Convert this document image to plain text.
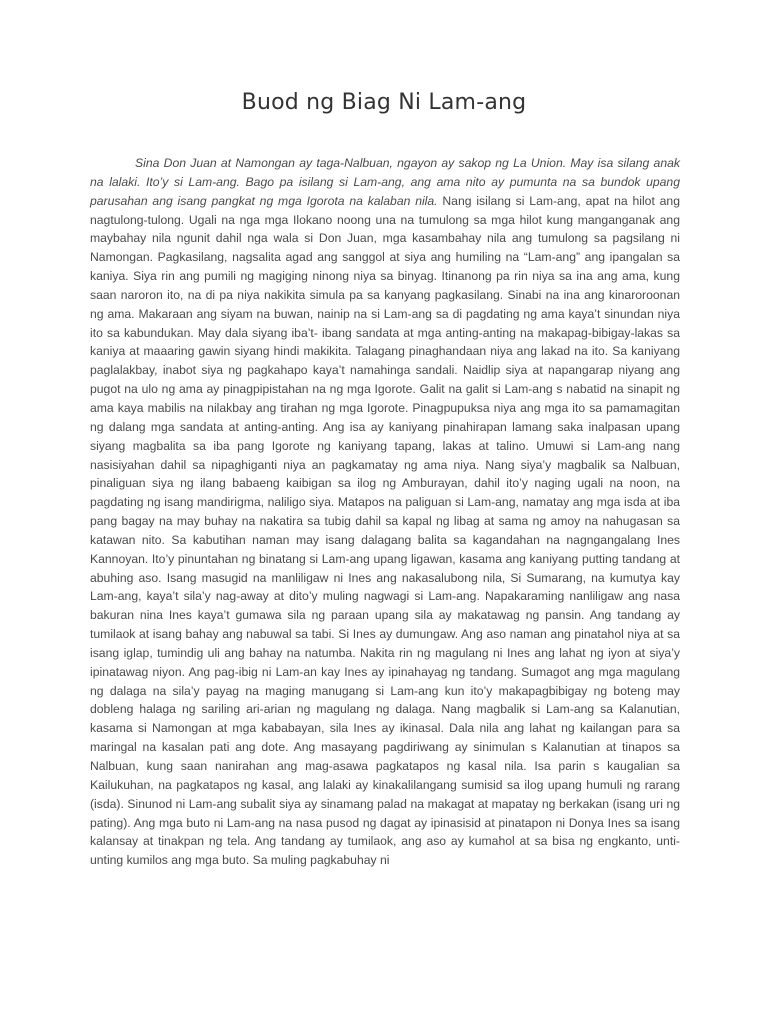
Buod ng Biag Ni Lam-ang

Sina Don Juan at Namongan ay taga-Nalbuan, ngayon ay sakop ng La Union. May isa silang anak na lalaki. Ito’y si Lam-ang. Bago pa isilang si Lam-ang, ang ama nito ay pumunta na sa bundok upang parusahan ang isang pangkat ng mga Igorota na kalaban nila. Nang isilang si Lam-ang, apat na hilot ang nagtulong-tulong. Ugali na nga mga Ilokano noong una na tumulong sa mga hilot kung manganganak ang maybahay nila ngunit dahil nga wala si Don Juan, mga kasambahay nila ang tumulong sa pagsilang ni Namongan. Pagkasilang, nagsalita agad ang sanggol at siya ang humiling na “Lam-ang” ang ipangalan sa kaniya. Siya rin ang pumili ng magiging ninong niya sa binyag. Itinanong pa rin niya sa ina ang ama, kung saan naroron ito, na di pa niya nakikita simula pa sa kanyang pagkasilang. Sinabi na ina ang kinaroroonan ng ama. Makaraan ang siyam na buwan, nainip na si Lam-ang sa di pagdating ng ama kaya’t sinundan niya ito sa kabundukan. May dala siyang iba’t- ibang sandata at mga anting-anting na makapag-bibigay-lakas sa kaniya at maaaring gawin siyang hindi makikita. Talagang pinaghandaan niya ang lakad na ito. Sa kaniyang paglalakbay, inabot siya ng pagkahapo kaya’t namahinga sandali. Naidlip siya at napangarap niyang ang pugot na ulo ng ama ay pinagpipistahan na ng mga Igorote. Galit na galit si Lam-ang s nabatid na sinapit ng ama kaya mabilis na nilakbay ang tirahan ng mga Igorote. Pinagpupuksa niya ang mga ito sa pamamagitan ng dalang mga sandata at anting-anting. Ang isa ay kaniyang pinahirapan lamang saka inalpasan upang siyang magbalita sa iba pang Igorote ng kaniyang tapang, lakas at talino. Umuwi si Lam-ang nang nasisiyahan dahil sa nipaghiganti niya an pagkamatay ng ama niya. Nang siya’y magbalik sa Nalbuan, pinaliguan siya ng ilang babaeng kaibigan sa ilog ng Amburayan, dahil ito’y naging ugali na noon, na pagdating ng isang mandirigma, naliligo siya. Matapos na paliguan si Lam-ang, namatay ang mga isda at iba pang bagay na may buhay na nakatira sa tubig dahil sa kapal ng libag at sama ng amoy na nahugasan sa katawan nito. Sa kabutihan naman may isang dalagang balita sa kagandahan na nagngangalang Ines Kannoyan. Ito’y pinuntahan ng binatang si Lam-ang upang ligawan, kasama ang kaniyang putting tandang at abuhing aso. Isang masugid na manliligaw ni Ines ang nakasalubong nila, Si Sumarang, na kumutya kay Lam-ang, kaya’t sila’y nag-away at dito’y muling nagwagi si Lam-ang. Napakaraming nanliligaw ang nasa bakuran nina Ines kaya’t gumawa sila ng paraan upang sila ay makatawag ng pansin. Ang tandang ay tumilaok at isang bahay ang nabuwal sa tabi. Si Ines ay dumungaw. Ang aso naman ang pinatahol niya at sa isang iglap, tumindig uli ang bahay na natumba. Nakita rin ng magulang ni Ines ang lahat ng iyon at siya’y ipinatawag niyon. Ang pag-ibig ni Lam-an kay Ines ay ipinahayag ng tandang. Sumagot ang mga magulang ng dalaga na sila’y payag na maging manugang si Lam-ang kun ito’y makapagbibigay ng boteng may dobleng halaga ng sariling ari-arian ng magulang ng dalaga. Nang magbalik si Lam-ang sa Kalanutian, kasama si Namongan at mga kababayan, sila Ines ay ikinasal. Dala nila ang lahat ng kailangan para sa maringal na kasalan pati ang dote. Ang masayang pagdiriwang ay sinimulan s Kalanutian at tinapos sa Nalbuan, kung saan nanirahan ang mag-asawa pagkatapos ng kasal nila. Isa parin s kaugalian sa Kailukuhan, na pagkatapos ng kasal, ang lalaki ay kinakalilangang sumisid sa ilog upang humuli ng rarang (isda). Sinunod ni Lam-ang subalit siya ay sinamang palad na makagat at mapatay ng berkakan (isang uri ng pating). Ang mga buto ni Lam-ang na nasa pusod ng dagat ay ipinasisid at pinatapon ni Donya Ines sa isang kalansay at tinakpan ng tela. Ang tandang ay tumilaok, ang aso ay kumahol at sa bisa ng engkanto, unti-unting kumilos ang mga buto. Sa muling pagkabuhay ni
